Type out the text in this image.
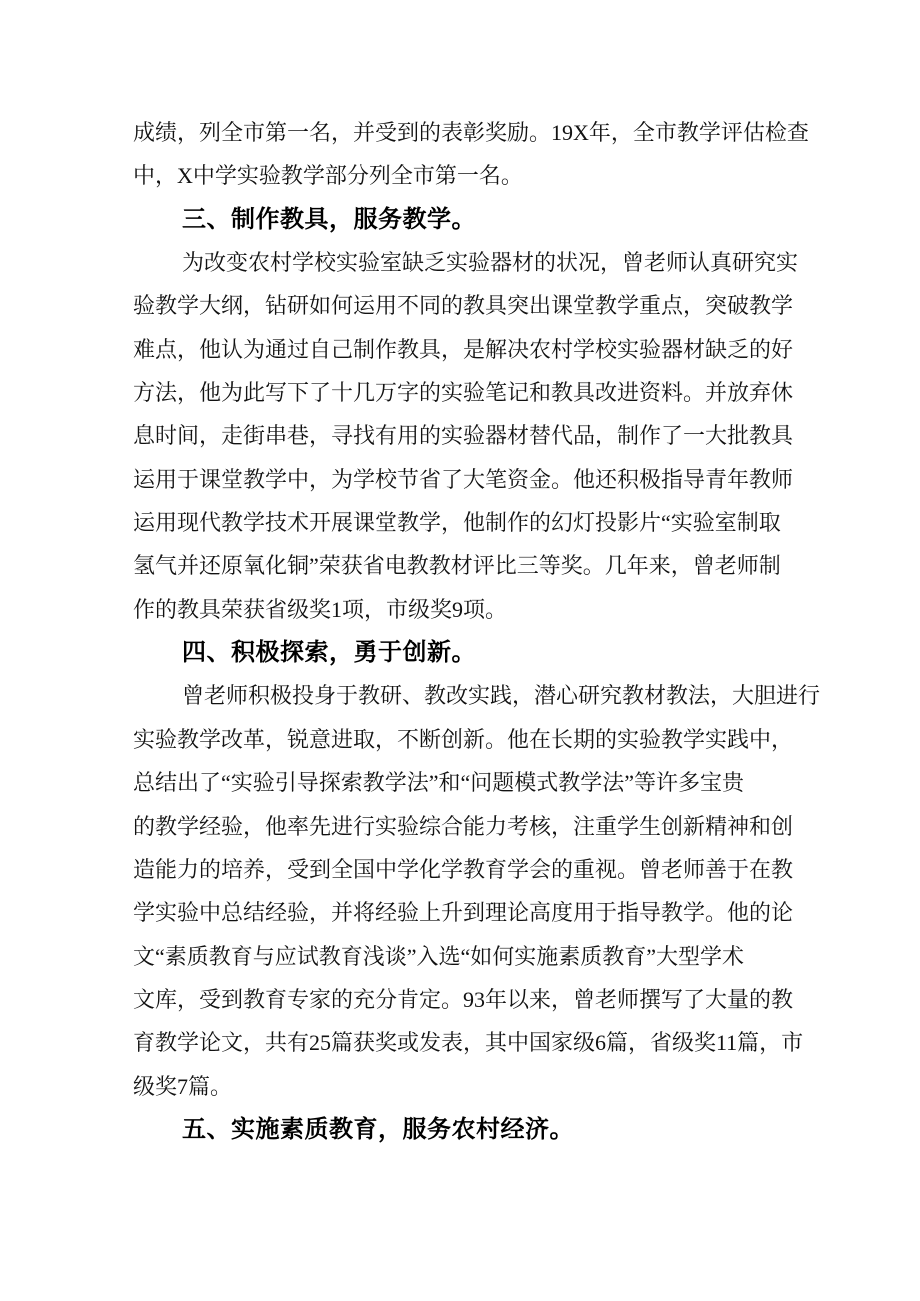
成绩，列全市第一名，并受到的表彰奖励。19X年，全市教学评估检查
中，X中学实验教学部分列全市第一名。
三、制作教具，服务教学。
为改变农村学校实验室缺乏实验器材的状况，曾老师认真研究实
验教学大纲，钻研如何运用不同的教具突出课堂教学重点，突破教学
难点，他认为通过自己制作教具，是解决农村学校实验器材缺乏的好
方法，他为此写下了十几万字的实验笔记和教具改进资料。并放弃休
息时间，走街串巷，寻找有用的实验器材替代品，制作了一大批教具
运用于课堂教学中，为学校节省了大笔资金。他还积极指导青年教师
运用现代教学技术开展课堂教学，他制作的幻灯投影片“实验室制取
氢气并还原氧化铜”荣获省电教教材评比三等奖。几年来，曾老师制
作的教具荣获省级奖1项，市级奖9项。
四、积极探索，勇于创新。
曾老师积极投身于教研、教改实践，潜心研究教材教法，大胆进行
实验教学改革，锐意进取，不断创新。他在长期的实验教学实践中，
总结出了“实验引导探索教学法”和“问题模式教学法”等许多宝贵
的教学经验，他率先进行实验综合能力考核，注重学生创新精神和创
造能力的培养，受到全国中学化学教育学会的重视。曾老师善于在教
学实验中总结经验，并将经验上升到理论高度用于指导教学。他的论
文“素质教育与应试教育浅谈”入选“如何实施素质教育”大型学术
文库，受到教育专家的充分肯定。93年以来，曾老师撰写了大量的教
育教学论文，共有25篇获奖或发表，其中国家级6篇，省级奖11篇，市
级奖7篇。
五、实施素质教育，服务农村经济。
